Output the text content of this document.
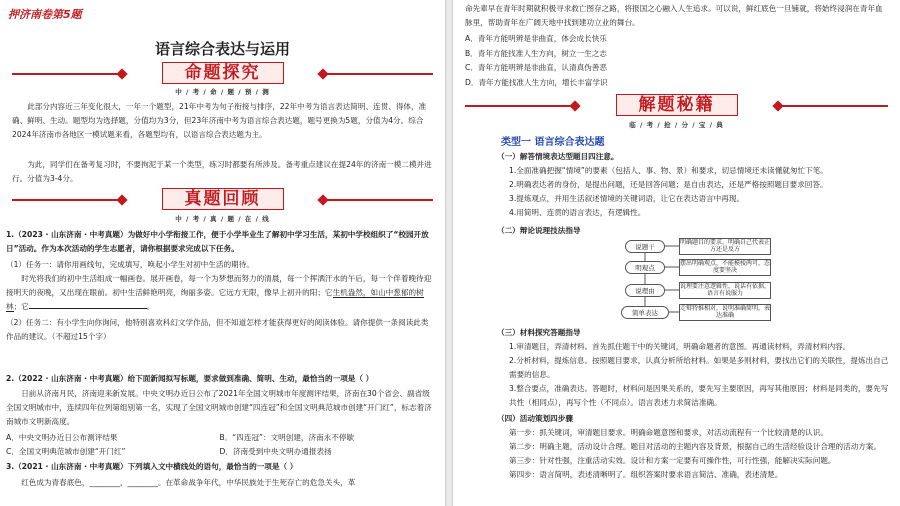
押济南卷第5题
语言综合表达与运用
命题探究
中 / 考 / 命 / 题 / 预 / 测
此部分内容近三年变化很大，一年一个题型，21年中考为句子衔接与排序，22年中考为语言表达简明、连贯、得体，准确、鲜明、生动。题型均为选择题，分值均为3分，但23年济南中考为语言综合表达题，题号更换为5题，分值为4分。综合2024年济南市各地区一模试题来看，各题型均有，以语言综合表达题为主。
为此，同学们在备考复习时，不要拘泥于某一个类型，练习时都要有所涉及。备考重点建议在提24年的济南一模二模并进行。分值为3-4分。
真题回顾
中 / 考 / 真 / 题 / 在 / 线
1.（2023 · 山东济南 · 中考真题）为做好中小学衔接工作，便于小学毕业生了解初中学习生活，某初中学校组织了“校园开放日”活动。作为本次活动的学生志愿者，请你根据要求完成以下任务。
（1）任务一：请你用画线句，完成填写，唤起小学生对初中生活的期待。
时光将我们的初中生活组成一幅画卷。展开画卷，每一个为梦想而努力的清晨，每一个挥洒汗水的午后，每一个伴着晚待迎接明天的夜晚，又出现在眼前。初中生活鲜艳明亮，绚丽多姿。它远方无限，像早上初升的阳；它生机盎然，如山中葱郁的树林；它	。
（2）任务二：有小学生向你询问，他特别喜欢科幻文学作品，但不知道怎样才能获得更好的阅读体验。请你提供一条阅读此类作品的建议。（不超过15个字）
2.（2022 · 山东济南 · 中考真题）给下面新闻拟写标题，要求做到准确、简明、生动，最恰当的一项是（ ）
日前从济南月民，济南迎来新发展。中央文明办近日公布了2021年全国文明城市年度测评结果，济南在30个省会、副省级全国文明城市中，连续四年位列第组别第一名，实现了全国文明城市创建“四连冠”和全国文明典范城市创建“开门红”，标志着济南城市文明新高度。
A．中央文明办近日公布测评结果	B．“四连冠”：文明创建，济南永不停歇
C．全国文明典范城市创建“开门红”	D．济南受到中央文明办通报表扬
3.（2021 · 山东济南 · 中考真题）下列填入文中横线处的语句，最恰当的一项是（ ）
红色成为青春底色，________，________。在革命战争年代，中华民族处于生死存亡的危急关头，革
命先辈早在青年时期就积极寻求救亡图存之路，将报国之心融入人生追求。可以说，鲜红底色一旦铺就，将始终浸润在青年血脉里，帮助青年在广阔天地中找到建功立业的舞台。
A．青年方能明辨是非曲直，体会成长快乐
B．青年方能找准人生方向，树立一生之志
C．青年方能明辨是非曲直，认清真伪善恶
D．青年方能找准人生方向，增长丰富学识
解题秘籍
临 / 考 / 抢 / 分 / 宝 / 典
类型一 语言综合表达题
（一）解答情境表达型题目四注意。
1.全面准确把握“情境”的要素（包括人、事、物、景）和要求，切忌情境还未读懂就匆忙下笔。
2.明确表达者的身份，是提出问题，还是回答问题；是自由表达，还是严格按照题目要求回答。
3.提炼观点，并用生活叙述情境的关键词语，让它在表达语言中再现。
4.用简明、连贯的语言表达，有逻辑性。
（二）辩论说理技法指导
说题干
明观点
说理由
简单表达
明确题目的要求，明确自己代表正方还是反方
摆出明确观点，不能模棱两可，态度要坚决
说理要注意逻辑性，说话有依据，语言有说服力
走辩特推相对，说明准确简明，表达准确
（三）材料探究答题指导
1.审清题目，弄清材料。首先抓住题干中的关键词，明确命题者的意图。再通读材料，弄清材料内容。
2.分析材料，提炼信息。按照题目要求，认真分析所给材料。如果是多则材料，要找出它们的关联性，提炼出自己需要的信息。
3.整合要点，准确表达。答题时，材料问是因果关系的，要先写主要原因，再写其他原因；材料是同类的，要先写共性（相同点），再写个性（不同点）。语言表述力求简洁准确。
（四）活动策划四步骤
第一步：抓关键词，审清题目要求。明确命题意图和要求，对活动流程有一个比较清楚的认识。
第二步：明确主题，活动设计合理。题目对活动的主题内容及背景，根据自己的生活经验设计合理的活动方案。
第三步：针对性强，注重活动实效。设计和方案一定要有可操作性，可行性强，能解决实际问题。
第四步：语言简明，表述清晰明了。组织答案时要求语言简洁、准确，表述清楚。
